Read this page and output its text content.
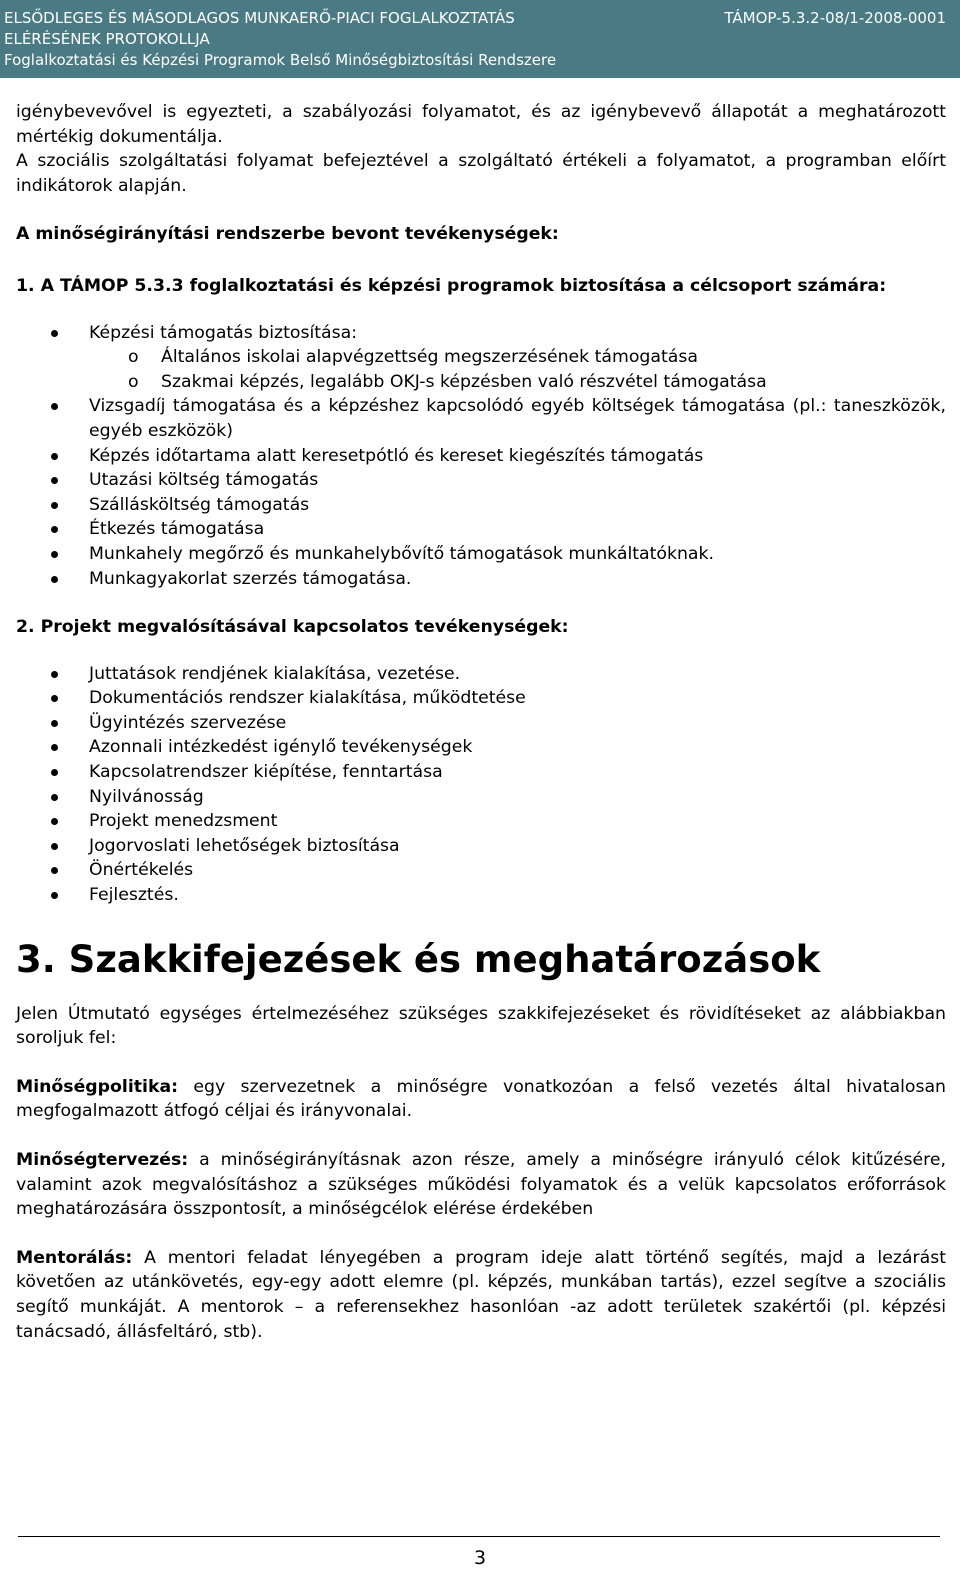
ELSŐDLEGES ÉS MÁSODLAGOS MUNKAERŐ-PIACI FOGLALKOZTATÁS
ELÉRÉSÉNEK PROTOKOLLJA
Foglalkoztatási és Képzési Programok Belső Minőségbiztosítási Rendszere
TÁMOP-5.3.2-08/1-2008-0001

igénybevevővel is egyezteti, a szabályozási folyamatot, és az igénybevevő állapotát a meghatározott mértékig dokumentálja.

A szociális szolgáltatási folyamat befejeztével a szolgáltató értékeli a folyamatot, a programban előírt indikátorok alapján.

A minőségirányítási rendszerbe bevont tevékenységek:

1. A TÁMOP 5.3.3 foglalkoztatási és képzési programok biztosítása a célcsoport számára:

Képzési támogatás biztosítása:
o Általános iskolai alapvégzettség megszerzésének támogatása
o Szakmai képzés, legalább OKJ-s képzésben való részvétel támogatása
Vizsgadíj támogatása és a képzéshez kapcsolódó egyéb költségek támogatása (pl.: taneszközök, egyéb eszközök)
Képzés időtartama alatt keresetpótló és kereset kiegészítés támogatás
Utazási költség támogatás
Szállásköltség támogatás
Étkezés támogatása
Munkahely megőrző és munkahelybővítő támogatások munkáltatóknak.
Munkagyakorlat szerzés támogatása.

2. Projekt megvalósításával kapcsolatos tevékenységek:

Juttatások rendjének kialakítása, vezetése.
Dokumentációs rendszer kialakítása, működtetése
Ügyintézés szervezése
Azonnali intézkedést igénylő tevékenységek
Kapcsolatrendszer kiépítése, fenntartása
Nyilvánosság
Projekt menedzsment
Jogorvoslati lehetőségek biztosítása
Önértékelés
Fejlesztés.
3. Szakkifejezések és meghatározások

Jelen Útmutató egységes értelmezéséhez szükséges szakkifejezéseket és rövidítéseket az alábbiakban soroljuk fel:

Minőségpolitika: egy szervezetnek a minőségre vonatkozóan a felső vezetés által hivatalosan megfogalmazott átfogó céljai és irányvonalai.

Minőségtervezés: a minőségirányításnak azon része, amely a minőségre irányuló célok kitűzésére, valamint azok megvalósításhoz a szükséges működési folyamatok és a velük kapcsolatos erőforrások meghatározására összpontosít, a minőségcélok elérése érdekében

Mentorálás: A mentori feladat lényegében a program ideje alatt történő segítés, majd a lezárást követően az utánkövetés, egy-egy adott elemre (pl. képzés, munkában tartás), ezzel segítve a szociális segítő munkáját. A mentorok – a referensekhez hasonlóan -az adott területek szakértői (pl. képzési tanácsadó, állásfeltáró, stb).

3
